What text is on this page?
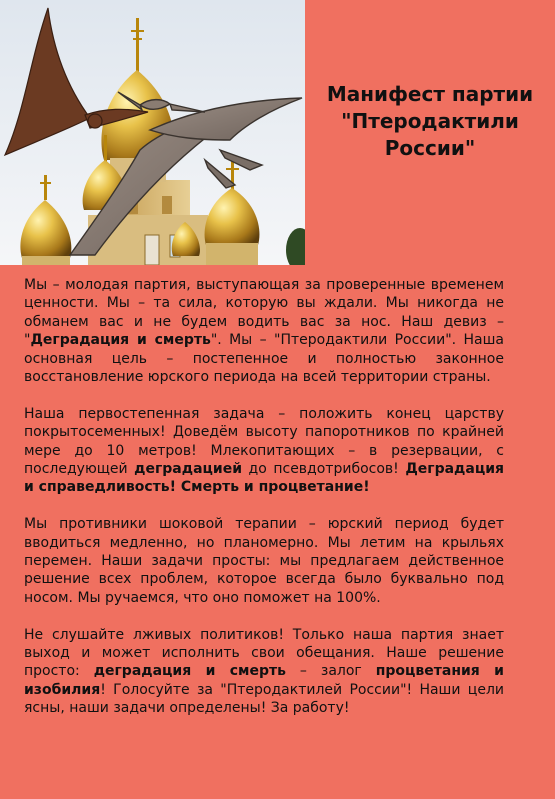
Манифест партии
"Птеродактили
России"

Мы – молодая партия, выступающая за проверенные временем ценности. Мы – та сила, которую вы ждали. Мы никогда не обманем вас и не будем водить вас за нос. Наш девиз – "Деградация и смерть". Мы – "Птеродактили России". Наша основная цель – постепенное и полностью законное восстановление юрского периода на всей территории страны.

Наша первостепенная задача – положить конец царству покрытосеменных! Доведём высоту папоротников по крайней мере до 10 метров! Млекопитающих – в резервации, с последующей деградацией до псевдотрибосов! Деградация и справедливость! Смерть и процветание!

Мы противники шоковой терапии – юрский период будет вводиться медленно, но планомерно. Мы летим на крыльях перемен. Наши задачи просты: мы предлагаем действенное решение всех проблем, которое всегда было буквально под носом. Мы ручаемся, что оно поможет на 100%.

Не слушайте лживых политиков! Только наша партия знает выход и может исполнить свои обещания. Наше решение просто: деградация и смерть – залог процветания и изобилия! Голосуйте за "Птеродактилей России"! Наши цели ясны, наши задачи определены! За работу!
